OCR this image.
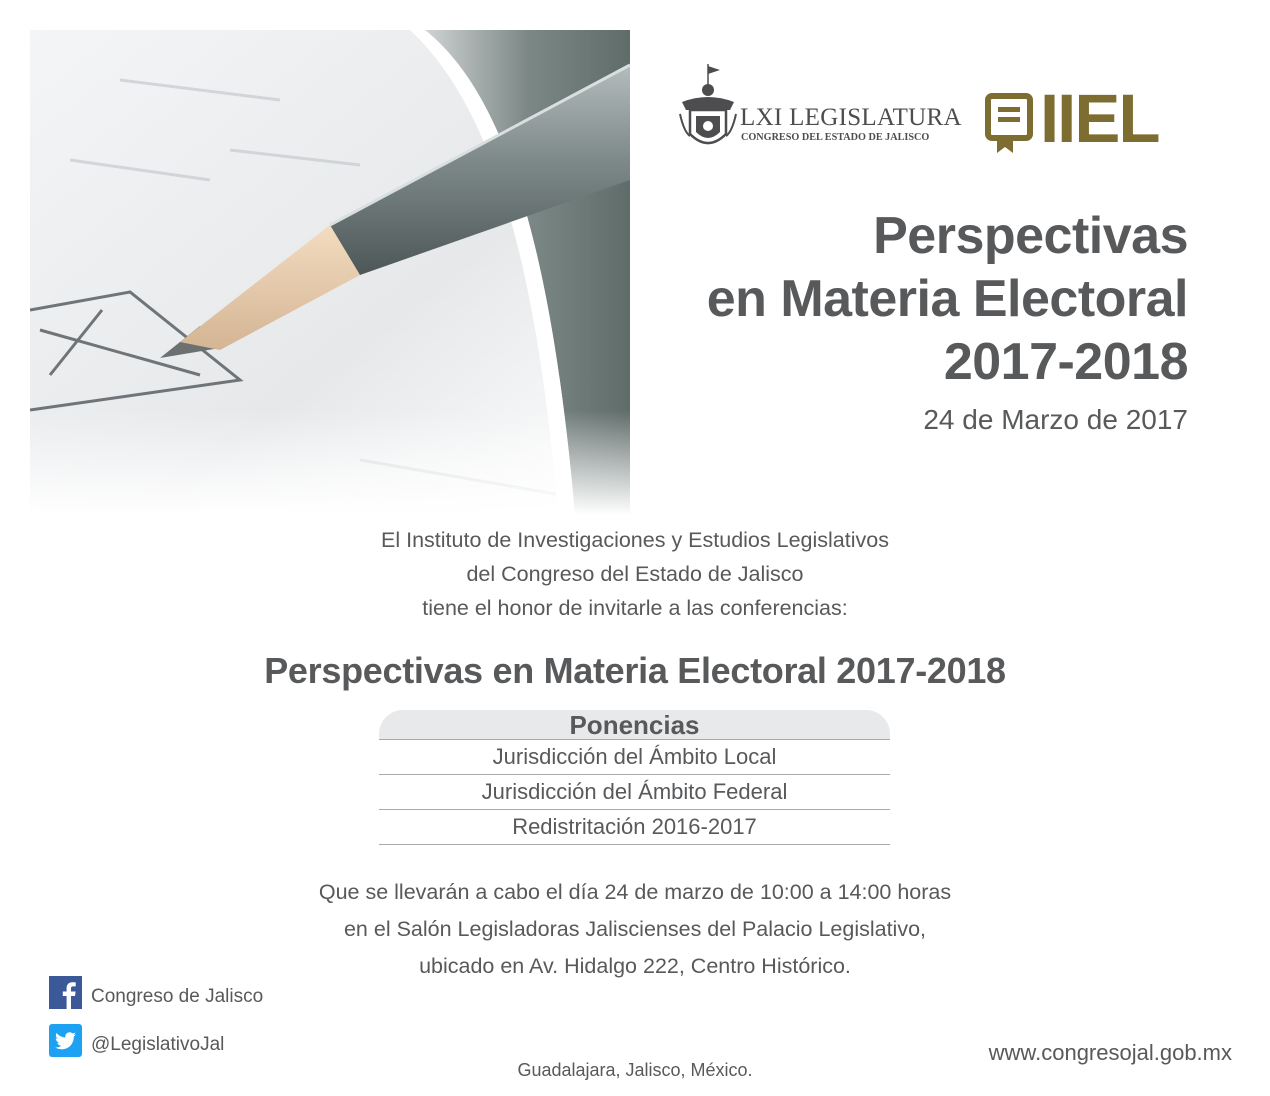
LXI LEGISLATURA
CONGRESO DEL ESTADO DE JALISCO IIEL
Perspectivas
en Materia Electoral
2017-2018
24 de Marzo de 2017
El Instituto de Investigaciones y Estudios Legislativos
del Congreso del Estado de Jalisco
tiene el honor de invitarle a las conferencias:
Perspectivas en Materia Electoral 2017-2018
Ponencias
Jurisdicción del Ámbito Local
Jurisdicción del Ámbito Federal
Redistritación 2016-2017
Que se llevarán a cabo el día 24 de marzo de 10:00 a 14:00 horas
en el Salón Legisladoras Jaliscienses del Palacio Legislativo,
ubicado en Av. Hidalgo 222, Centro Histórico.
Congreso de Jalisco
@LegislativoJal
Guadalajara, Jalisco, México.
www.congresojal.gob.mx
